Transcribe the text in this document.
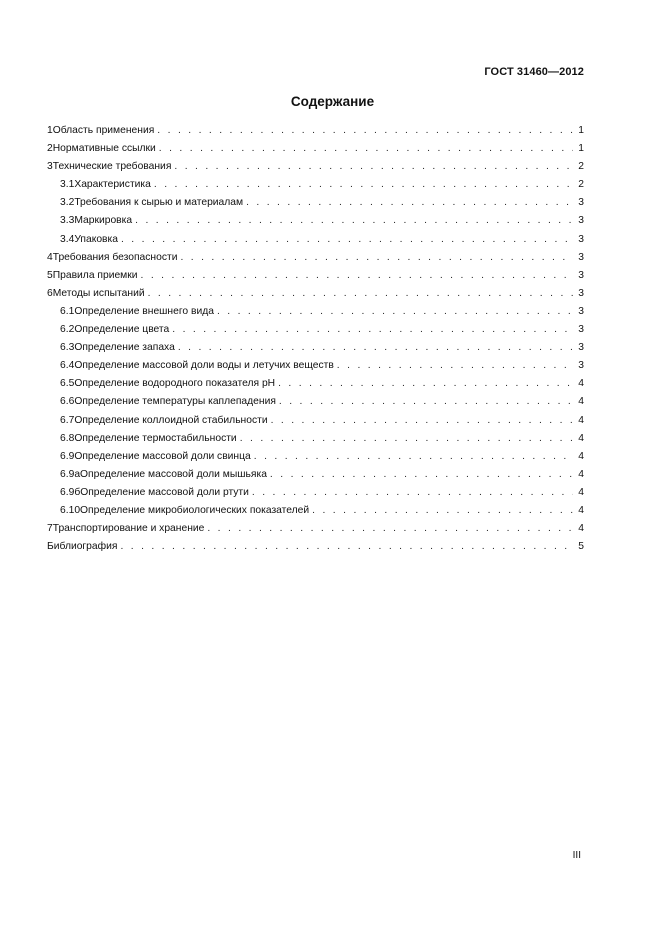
ГОСТ 31460—2012
Содержание
1 Область применения . . .	1
2 Нормативные ссылки . . .	1
3 Технические требования . . .	2
3.1 Характеристика . . .	2
3.2 Требования к сырью и материалам . . .	3
3.3 Маркировка . . .	3
3.4 Упаковка . . .	3
4 Требования безопасности . . .	3
5 Правила приемки . . .	3
6 Методы испытаний . . .	3
6.1 Определение внешнего вида . . .	3
6.2 Определение цвета . . .	3
6.3 Определение запаха . . .	3
6.4 Определение массовой доли воды и летучих веществ . . .	3
6.5 Определение водородного показателя pH . . .	4
6.6 Определение температуры каплепадения . . .	4
6.7 Определение коллоидной стабильности . . .	4
6.8 Определение термостабильности . . .	4
6.9 Определение массовой доли свинца . . .	4
6.9а Определение массовой доли мышьяка . . .	4
6.9б Определение массовой доли ртути . . .	4
6.10 Определение микробиологических показателей . . .	4
7 Транспортирование и хранение . . .	4
Библиография . . .	5
III
